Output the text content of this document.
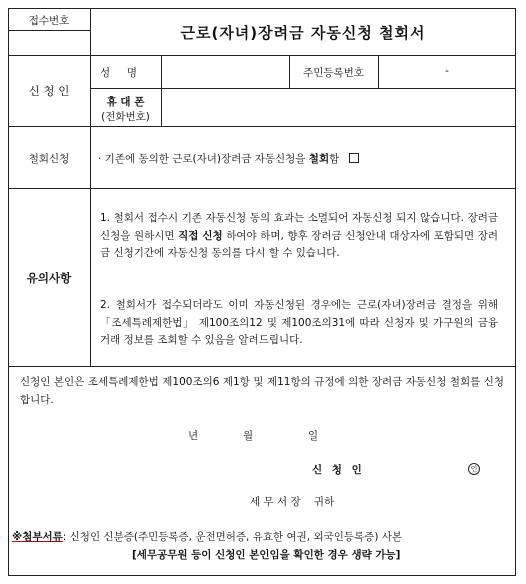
접수번호
근로(자녀)장려금 자동신청 철회서
신 청 인
성     명	주민등록번호	-
휴 대 폰
(전화번호)
철회신청	· 기존에 동의한 근로(자녀)장려금 자동신청을 철회함
유의사항
1. 철회서 접수시 기존 자동신청 동의 효과는 소멸되어 자동신청 되지 않습니다. 장려금 신청을 원하시면 직접 신청 하여야 하며, 향후 장려금 신청안내 대상자에 포함되면 장려금 신청기간에 자동신청 동의를 다시 할 수 있습니다.
2. 철회서가 접수되더라도 이미 자동신청된 경우에는 근로(자녀)장려금 결정을 위해 「조세특례제한법」 제100조의12 및 제100조의31에 따라 신청자 및 가구원의 금융거래 정보를 조회할 수 있음을 알려드립니다.
신청인 본인은 조세특례제한법 제100조의6 제1항 및 제11항의 규정에 의한 장려금 자동신청 철회를 신청합니다.
년	월	일
신 청 인	인
세 무 서 장    귀하
※첨부서류: 신청인 신분증(주민등록증, 운전면허증, 유효한 여권, 외국인등록증) 사본
[세무공무원 등이 신청인 본인임을 확인한 경우 생략 가능]
